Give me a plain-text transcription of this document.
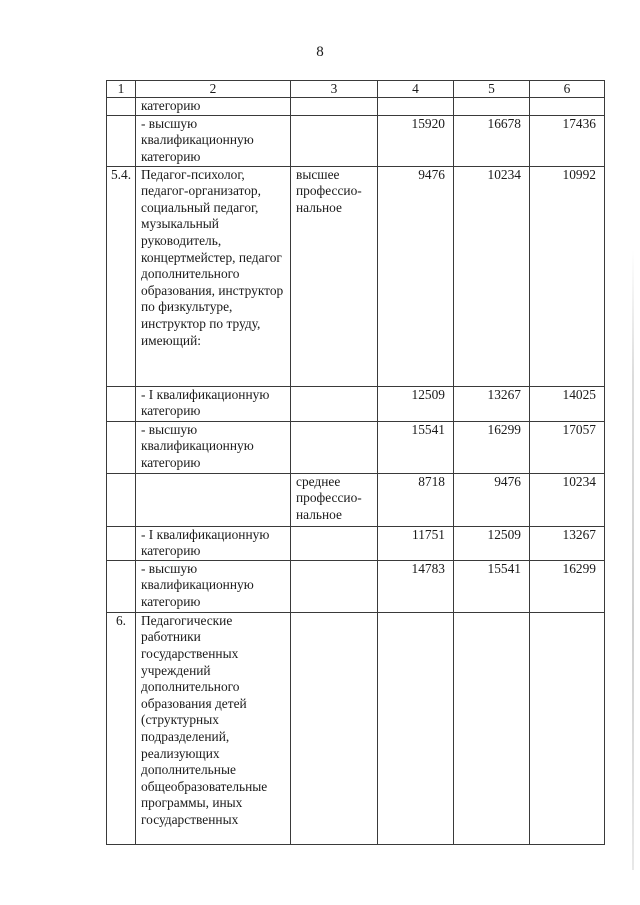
8
1	2	3	4	5	6
	категорию				
	- высшую квалификационную категорию		15920	16678	17436
5.4.	Педагог-психолог, педагог-организатор, социальный педагог, музыкальный руководитель, концертмейстер, педагог дополнительного образования, инструктор по физкультуре, инструктор по труду, имеющий:	высшее профессио-нальное	9476	10234	10992
	- I квалификационную категорию		12509	13267	14025
	- высшую квалификационную категорию		15541	16299	17057
		среднее профессио-нальное	8718	9476	10234
	- I квалификационную категорию		11751	12509	13267
	- высшую квалификационную категорию		14783	15541	16299
6.	Педагогические работники государственных учреждений дополнительного образования детей (структурных подразделений, реализующих дополнительные общеобразовательные программы, иных государственных				
